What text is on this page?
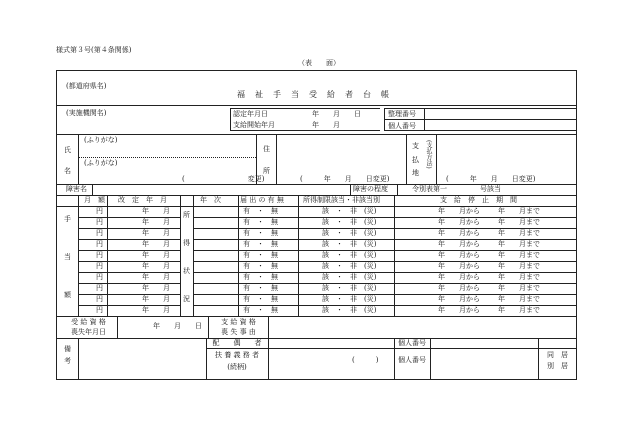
様式第３号(第４条関係)
（表　　面）
(都道府県名)
福　祉　手　当　受　給　者　台　帳
(実施機関名)	認定年月日	年　　月　　日
支給開始年月	年　　月
整理番号
個人番号
氏
名
(ふりがな)
(ふりがな)
(　　　　　　　　　変更)
住
所
(　　　年　　月　　日変更)
支
払
地
(支払方法)
(　　　年　　月　　日変更)
障害名	障害の程度	令別表第一	号該当
月　額 改　定　年　月	年　次	届 出 の 有 無	所得制限該当・非該当別	支　給　停　止　期　間
手
当
額
所
得
状
況
円	年　　月	有　・　無	該　・　非　(災)	年　　月から	年　　月まで
円	年　　月	有　・　無	該　・　非　(災)	年　　月から	年　　月まで
円	年　　月	有　・　無	該　・　非　(災)	年　　月から	年　　月まで
円	年　　月	有　・　無	該　・　非　(災)	年　　月から	年　　月まで
円	年　　月	有　・　無	該　・　非　(災)	年　　月から	年　　月まで
円	年　　月	有　・　無	該　・　非　(災)	年　　月から	年　　月まで
円	年　　月	有　・　無	該　・　非　(災)	年　　月から	年　　月まで
円	年　　月	有　・　無	該　・　非　(災)	年　　月から	年　　月まで
円	年　　月	有　・　無	該　・　非　(災)	年　　月から	年　　月まで
円	年　　月	有　・　無	該　・　非　(災)	年　　月から	年　　月まで
受 給 資 格
喪失年月日
年　　月　　日	支 給 資 格
喪 失 事 由
備
考
配　　偶　　者	個人番号
扶 養 義 務 者
(続柄)
(　　　)	個人番号
同　居
別　居
